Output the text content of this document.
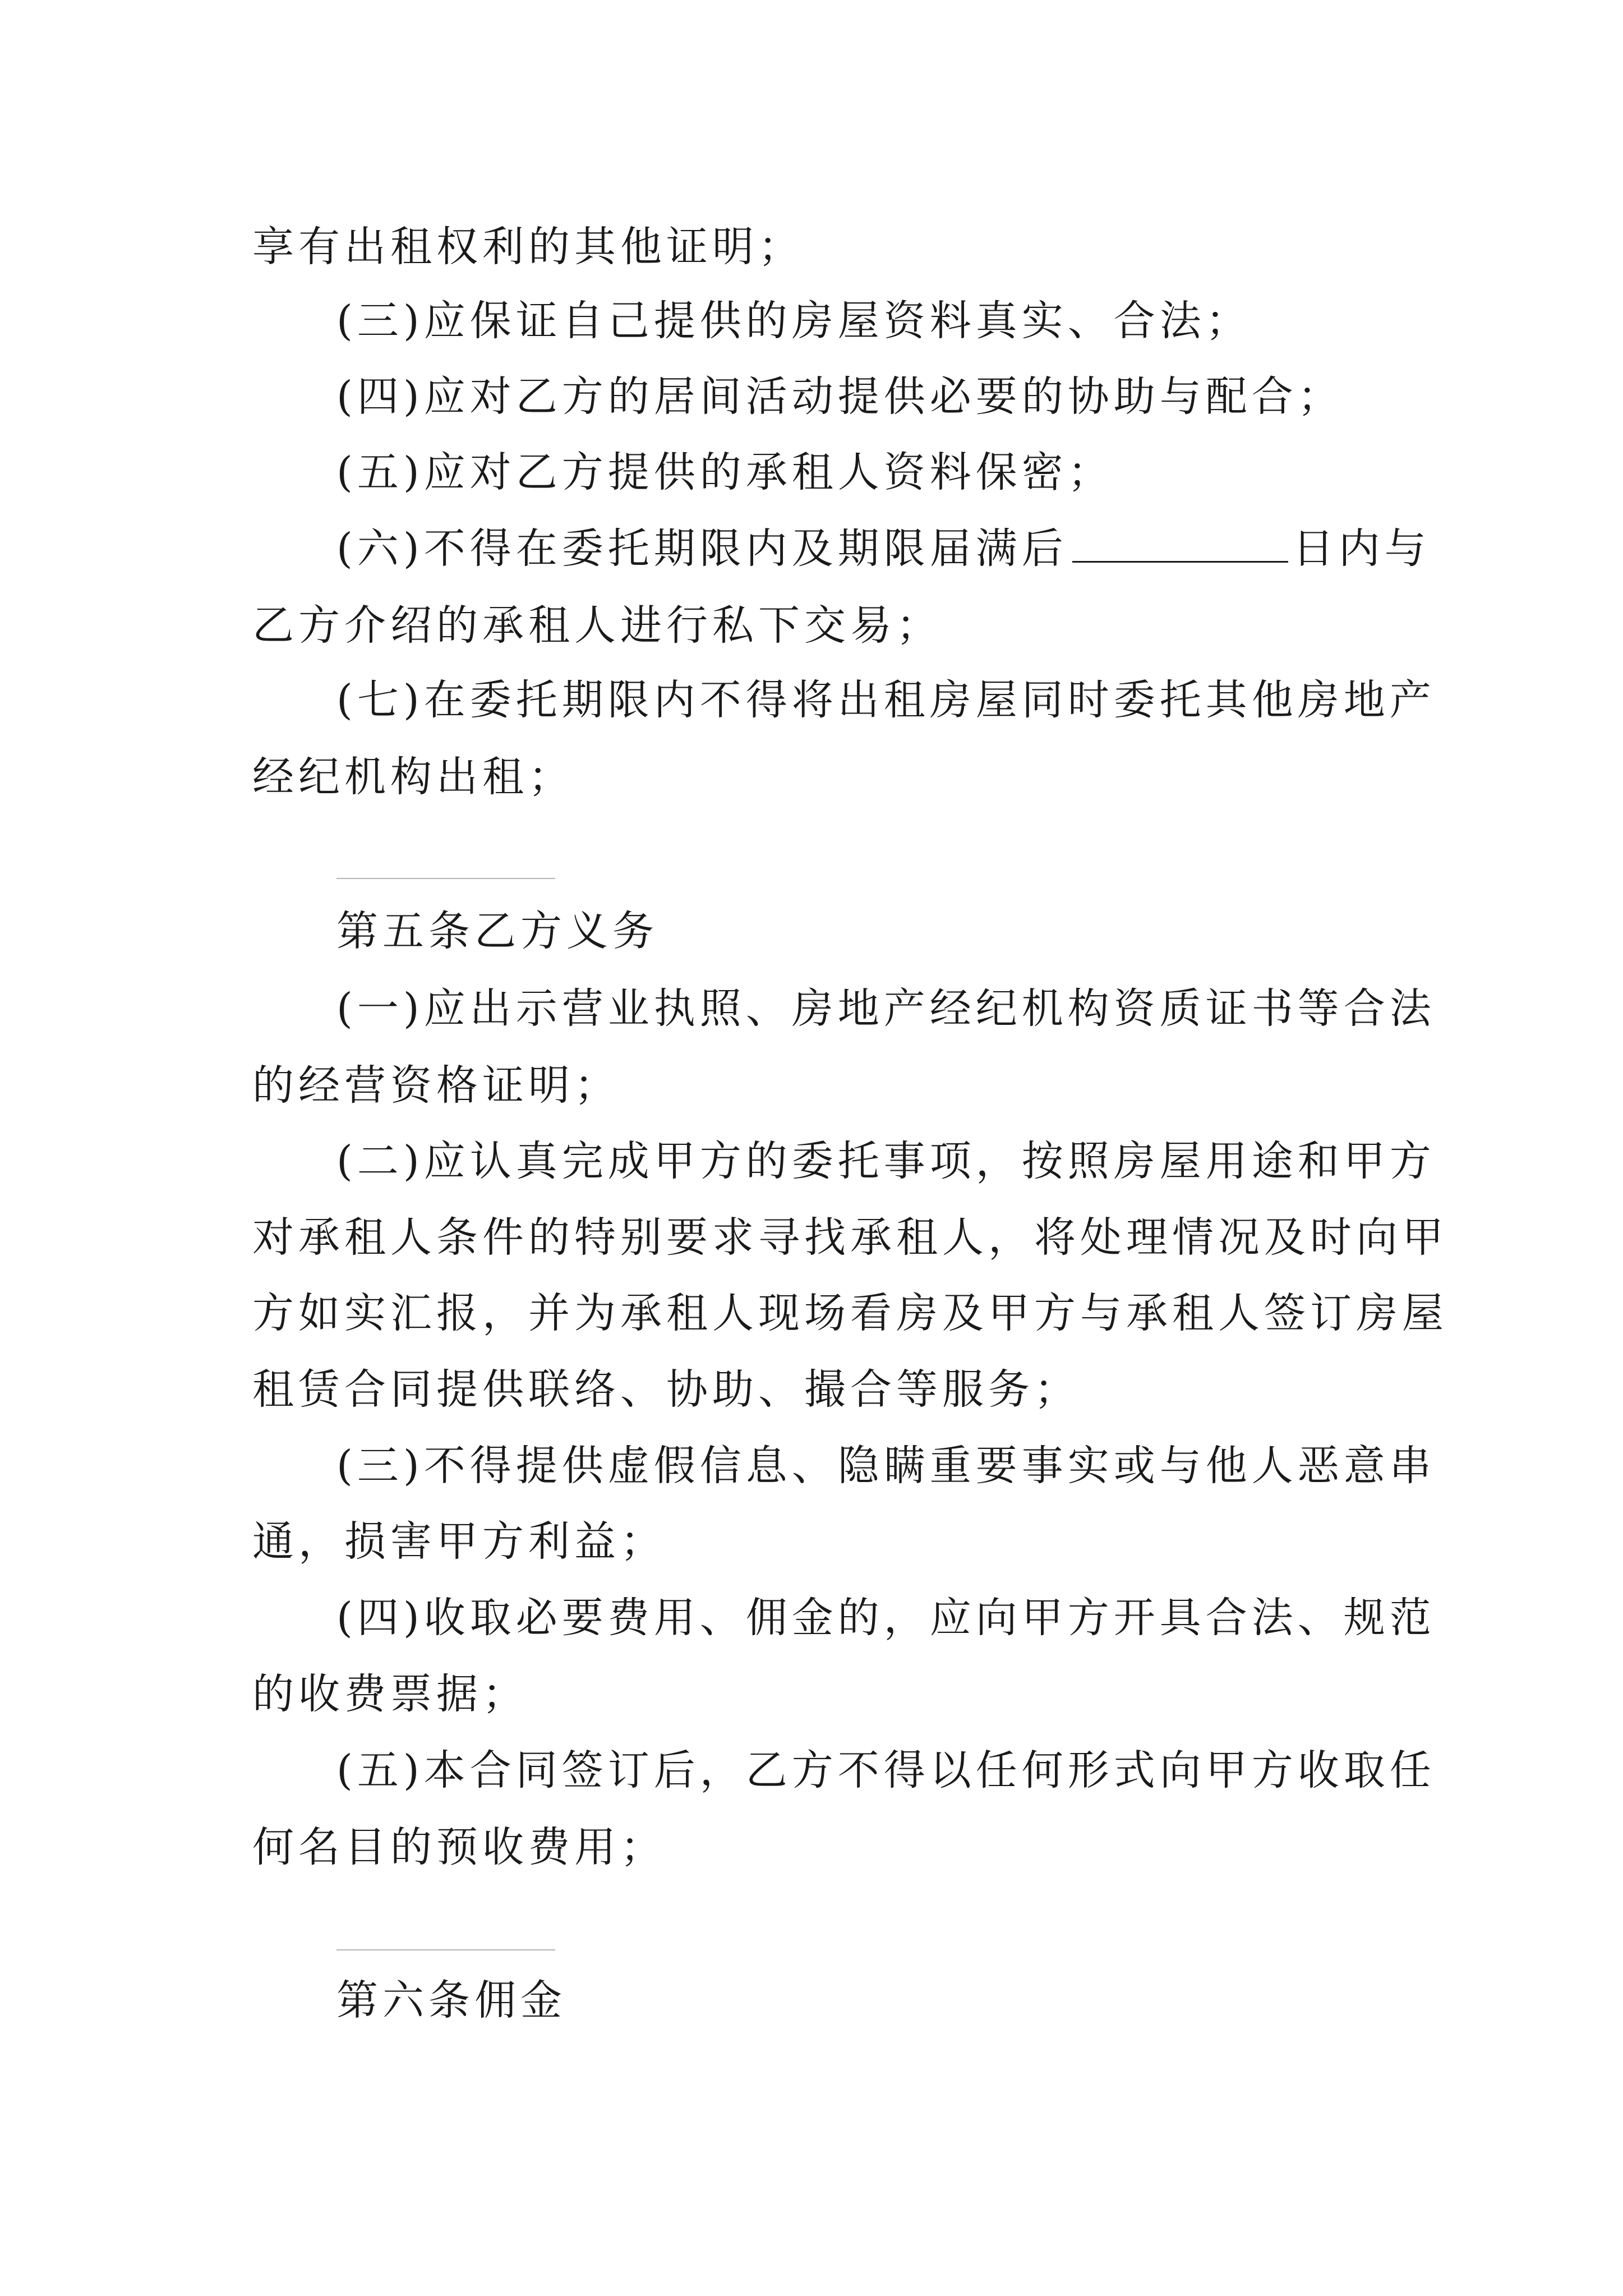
享有出租权利的其他证明；
(三)应保证自己提供的房屋资料真实、合法；
(四)应对乙方的居间活动提供必要的协助与配合；
(五)应对乙方提供的承租人资料保密；
(六)不得在委托期限内及期限届满后	日内与
乙方介绍的承租人进行私下交易；
(七)在委托期限内不得将出租房屋同时委托其他房地产
经纪机构出租；
第五条乙方义务
(一)应出示营业执照、房地产经纪机构资质证书等合法
的经营资格证明；
(二)应认真完成甲方的委托事项，按照房屋用途和甲方
对承租人条件的特别要求寻找承租人，将处理情况及时向甲
方如实汇报，并为承租人现场看房及甲方与承租人签订房屋
租赁合同提供联络、协助、撮合等服务；
(三)不得提供虚假信息、隐瞒重要事实或与他人恶意串
通，损害甲方利益；
(四)收取必要费用、佣金的，应向甲方开具合法、规范
的收费票据；
(五)本合同签订后，乙方不得以任何形式向甲方收取任
何名目的预收费用；
第六条佣金
